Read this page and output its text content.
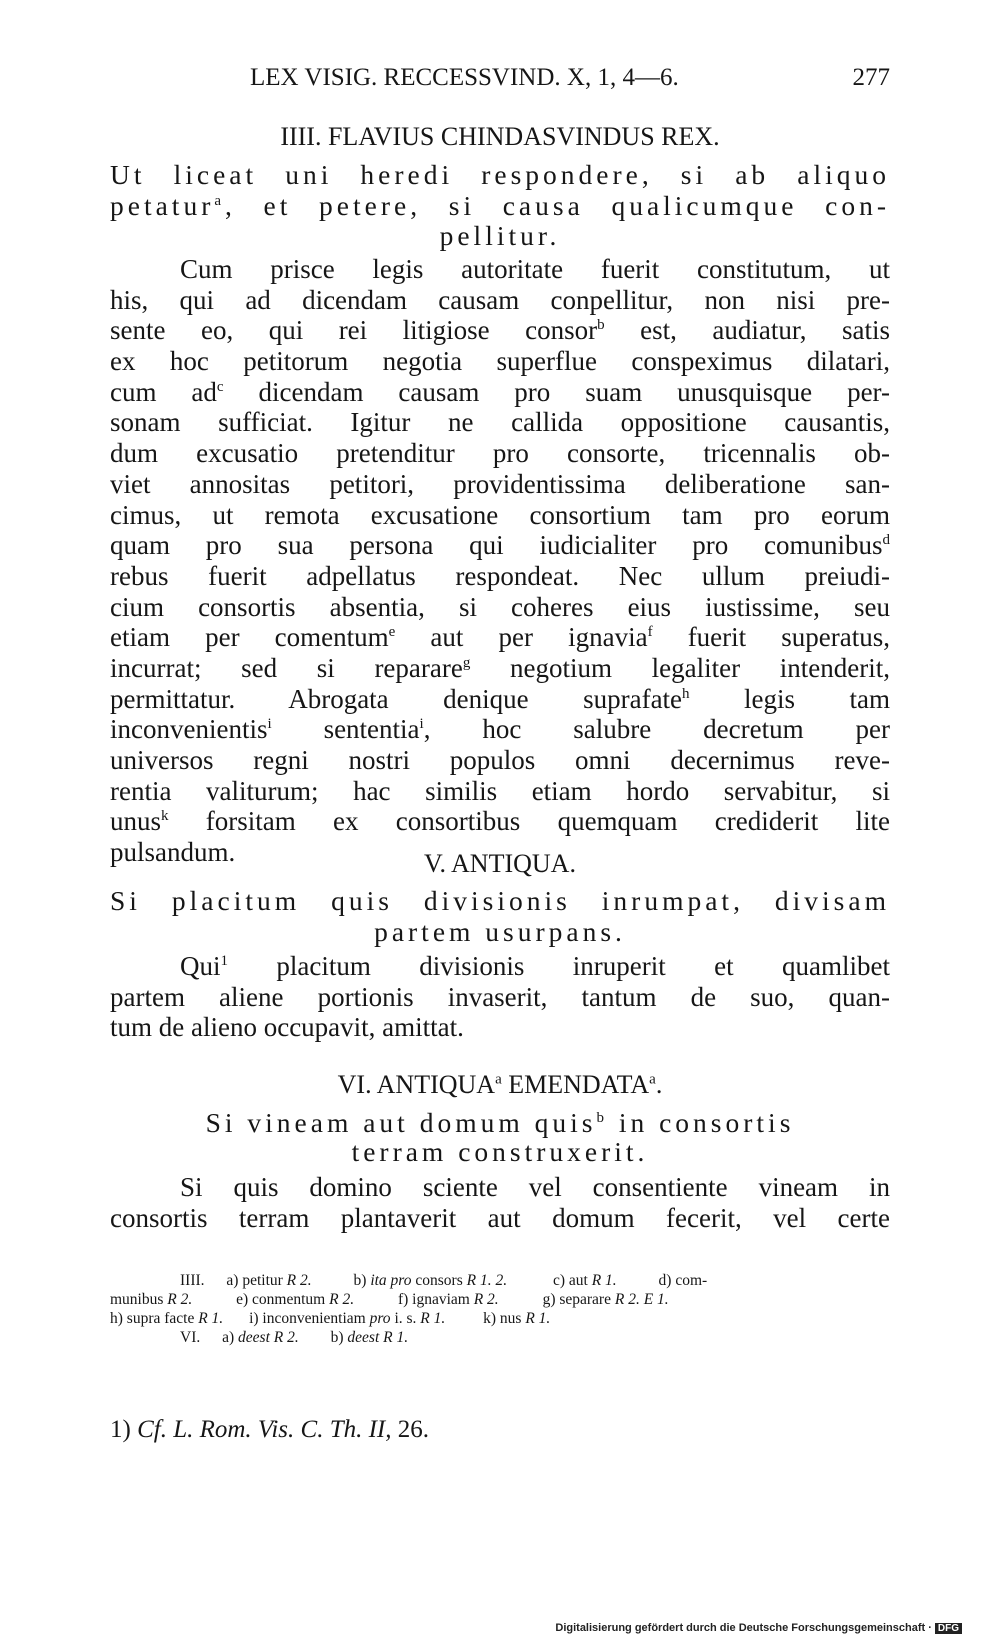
LEX VISIG. RECCESSVIND. X, 1, 4—6.	277
IIII. FLAVIUS CHINDASVINDUS REX.
Ut liceat uni heredi respondere, si ab aliquo
petatur$^a$, et petere, si causa qualicumque con-
pellitur.
Cum prisce legis autoritate fuerit constitutum, ut
his, qui ad dicendam causam conpellitur, non nisi pre-
sente eo, qui rei litigiose consor$^b$ est, audiatur, satis
ex hoc petitorum negotia superflue conspeximus dilatari,
cum $ad^c$ dicendam causam pro suam unusquisque per-
sonam sufficiat. Igitur ne callida oppositione causantis,
dum excusatio pretenditur pro consorte, tricennalis ob-
viet annositas petitori, providentissima deliberatione san-
cimus, ut remota excusatione consortium tam pro eorum
quam pro sua persona qui iudicialiter pro comunibus$^d$
rebus fuerit adpellatus respondeat. Nec ullum preiudi-
cium consortis absentia, si coheres eius iustissime, seu
etiam per comentum$^e$ aut per ignavia$^f$ fuerit superatus,
incurrat; sed si reparare$^g$ negotium legaliter intenderit,
permittatur. Abrogata denique suprafate$^h$ legis tam
inconvenientis$^i$ sententia$^i$, hoc salubre decretum per
universos regni nostri populos omni decernimus reve-
rentia valiturum; hac similis etiam hordo servabitur, si
unus$^k$ forsitam ex consortibus quemquam crediderit lite
pulsandum.	V. ANTIQUA.
Si placitum quis divisionis inrumpat, divisam
partem usurpans.
Qui$^1$ placitum divisionis inruperit et quamlibet
partem aliene portionis invaserit, tantum de suo, quan-
tum de alieno occupavit, amittat.
VI. ANTIQUA$^a$ EMENDATA$^a$.
Si vineam aut domum quis$^b$ in consortis
terram construxerit.
Si quis domino sciente vel consentiente vineam in
consortis terram plantaverit aut domum fecerit, vel certe
IIII. a) petitur R 2.	b) ita pro consors R 1. 2.	c) aut R 1.	d) com-
munibus R 2.	e) conmentum R 2.	f) ignaviam R 2.	g) separare R 2. E 1.
h) supra facte R 1. i) inconvenientiam pro i. s. R 1. k) nus R 1.
VI. a) deest R 2. b) deest R 1.
1) Cf. L. Rom. Vis. C. Th. II, 26.
Digitalisierung gefördert durch die Deutsche Forschungsgemeinschaft · DFG
